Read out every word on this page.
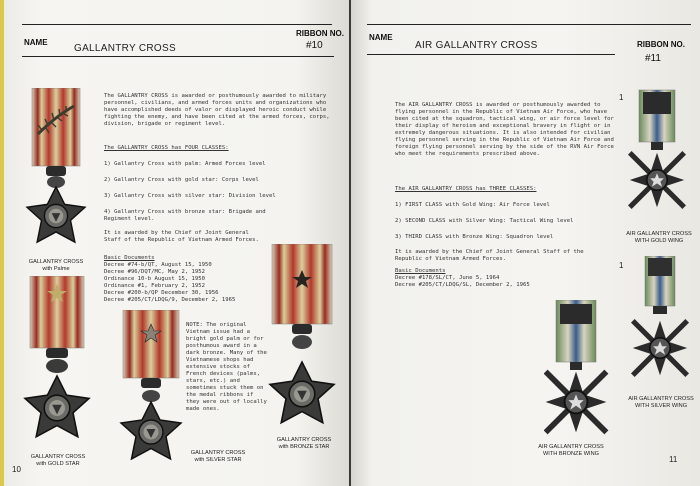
NAME
GALLANTRY CROSS
RIBBON NO.
#10

The GALLANTRY CROSS is awarded or posthumously awarded to military personnel, civilians, and armed forces units and organizations who have accomplished deeds of valor or displayed heroic conduct while fighting the enemy, and have been cited at the armed forces, corps, division, brigade or regiment level.

The GALLANTRY CROSS has FOUR CLASSES:

1) Gallantry Cross with palm: Armed Forces level

2) Gallantry Cross with gold star: Corps level

3) Gallantry Cross with silver star: Division level

4) Gallantry Cross with bronze star: Brigade and Regiment level.

It is awarded by the Chief of Joint General Staff of the Republic of Vietnam Armed Forces.

Basic Documents

Decree #74-b/QT, August 15, 1950

Decree #96/DQT/MC, May 2, 1952

Ordinance 10-b August 15, 1950

Ordinance #1, February 2, 1952

Decree #200-b/QP December 30, 1956

Decree #205/CT/LDQG/9, December 2, 1965

NOTE: The original Vietnam issue had a bright gold palm or for posthumous award in a dark bronze. Many of the Vietnamese shops had extensive stocks of French devices (palms, stars, etc.) and sometimes stuck them on the medal ribbons if they were out of locally made ones.

GALLANTRY CROSS
with Palme
GALLANTRY CROSS
with GOLD STAR
GALLANTRY CROSS
with SILVER STAR
GALLANTRY CROSS
with BRONZE STAR
10
NAME
AIR GALLANTRY CROSS	RIBBON NO.
#11

The AIR GALLANTRY CROSS is awarded or posthumously awarded to flying personnel in the Republic of Vietnam Air Force, who have been cited at the squadron, tactical wing, or air force level for their display of heroism and exceptional bravery in flight or in extremely dangerous situations. It is also intended for civilian flying personnel serving in the Republic of Vietnam Air Force and foreign flying personnel serving by the side of the RVN Air Force who meet the requirements prescribed above.

The AIR GALLANTRY CROSS has THREE CLASSES:

1) FIRST CLASS with Gold Wing: Air Force level

2) SECOND CLASS with Silver Wing: Tactical Wing level

3) THIRD CLASS with Bronze Wing: Squadron level

It is awarded by the Chief of Joint General Staff of the Republic of Vietnam Armed Forces.

Basic Documents

Decree #178/SL/CT, June 5, 1964

Decree #205/CT/LDQG/SL, December 2, 1965

1
AIR GALLANTRY CROSS
WITH GOLD WING
1
AIR GALLANTRY CROSS
WITH SILVER WING
AIR GALLANTRY CROSS
WITH BRONZE WING
11
